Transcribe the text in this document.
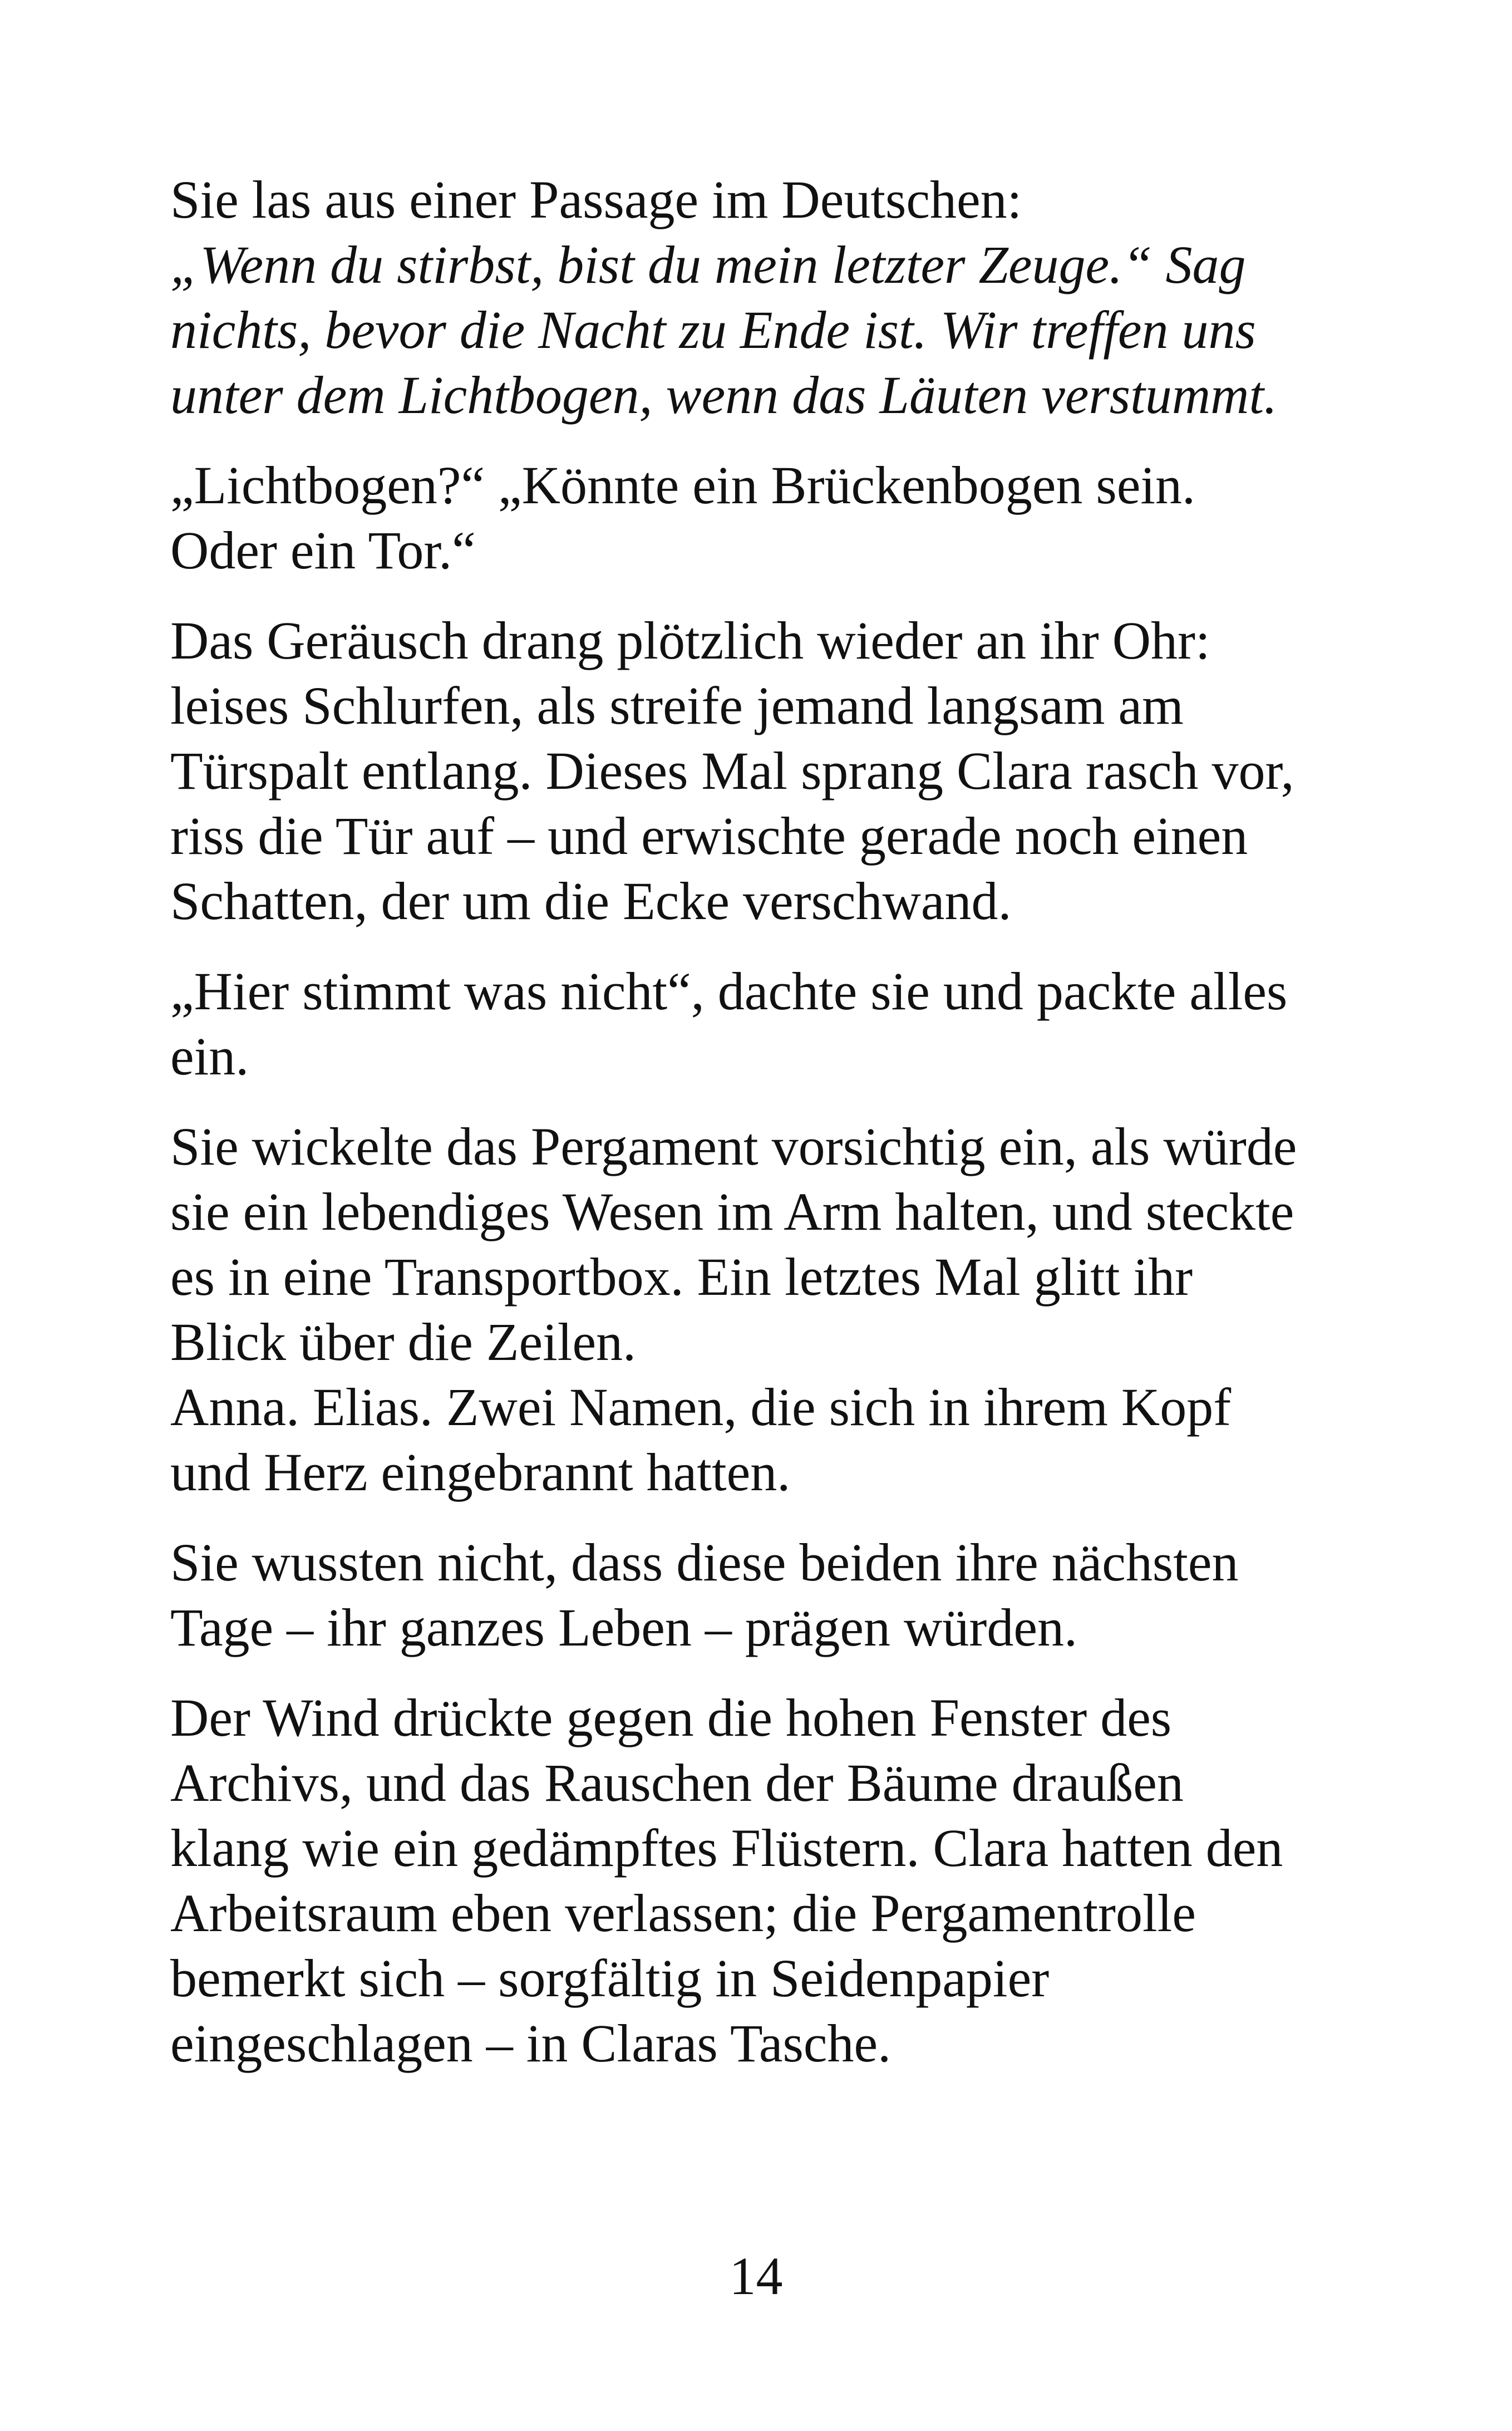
Sie las aus einer Passage im Deutschen:
„Wenn du stirbst, bist du mein letzter Zeuge.“ Sag
nichts, bevor die Nacht zu Ende ist. Wir treffen uns
unter dem Lichtbogen, wenn das Läuten verstummt.

„Lichtbogen?“ „Könnte ein Brückenbogen sein.
Oder ein Tor.“

Das Geräusch drang plötzlich wieder an ihr Ohr:
leises Schlurfen, als streife jemand langsam am
Türspalt entlang. Dieses Mal sprang Clara rasch vor,
riss die Tür auf – und erwischte gerade noch einen
Schatten, der um die Ecke verschwand.

„Hier stimmt was nicht“, dachte sie und packte alles
ein.

Sie wickelte das Pergament vorsichtig ein, als würde
sie ein lebendiges Wesen im Arm halten, und steckte
es in eine Transportbox. Ein letztes Mal glitt ihr
Blick über die Zeilen.
Anna. Elias. Zwei Namen, die sich in ihrem Kopf
und Herz eingebrannt hatten.

Sie wussten nicht, dass diese beiden ihre nächsten
Tage – ihr ganzes Leben – prägen würden.

Der Wind drückte gegen die hohen Fenster des
Archivs, und das Rauschen der Bäume draußen
klang wie ein gedämpftes Flüstern. Clara hatten den
Arbeitsraum eben verlassen; die Pergamentrolle
bemerkt sich – sorgfältig in Seidenpapier
eingeschlagen – in Claras Tasche.

14
